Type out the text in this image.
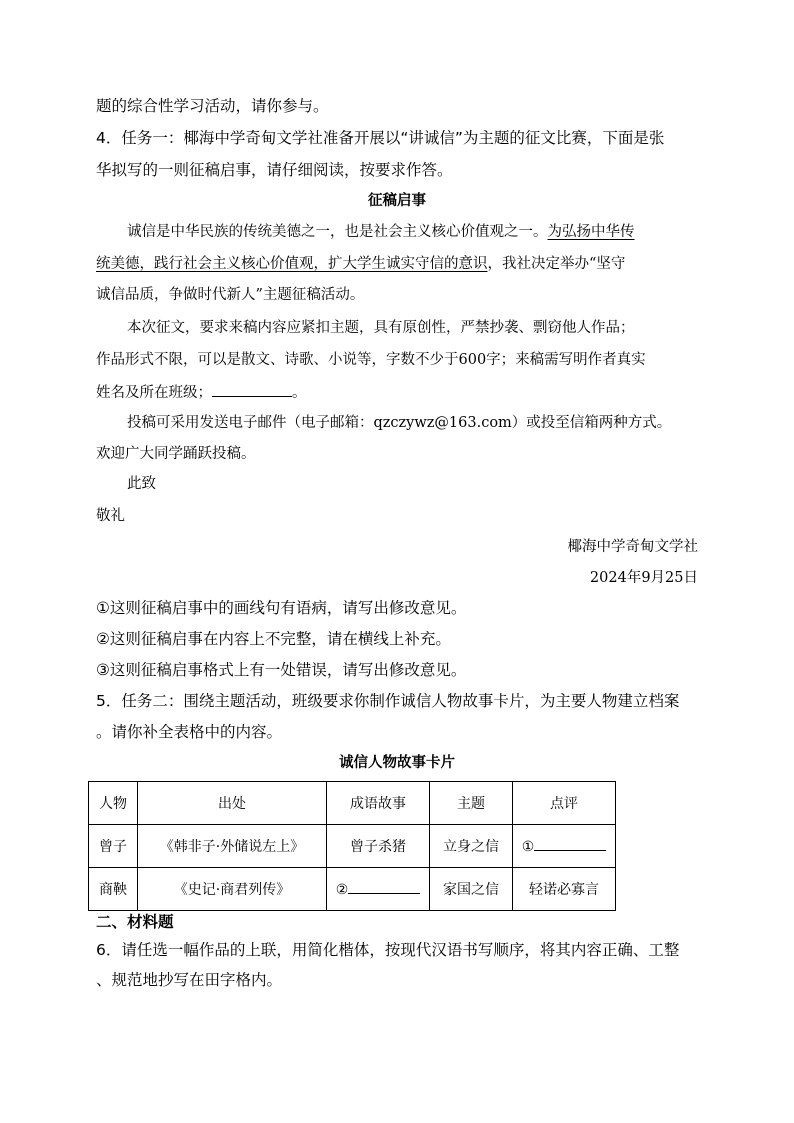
题的综合性学习活动，请你参与。
4．任务一：椰海中学奇甸文学社准备开展以“讲诚信”为主题的征文比赛，下面是张
华拟写的一则征稿启事，请仔细阅读，按要求作答。
征稿启事
诚信是中华民族的传统美德之一，也是社会主义核心价值观之一。为弘扬中华传
统美德，践行社会主义核心价值观，扩大学生诚实守信的意识，我社决定举办“坚守
诚信品质，争做时代新人”主题征稿活动。
本次征文，要求来稿内容应紧扣主题，具有原创性，严禁抄袭、剽窃他人作品；
作品形式不限，可以是散文、诗歌、小说等，字数不少于600字；来稿需写明作者真实
姓名及所在班级；	。
投稿可采用发送电子邮件（电子邮箱：qzczywz@163.com）或投至信箱两种方式。
欢迎广大同学踊跃投稿。
此致
敬礼
椰海中学奇甸文学社
2024年9月25日
①这则征稿启事中的画线句有语病，请写出修改意见。
②这则征稿启事在内容上不完整，请在横线上补充。
③这则征稿启事格式上有一处错误，请写出修改意见。
5．任务二：围绕主题活动，班级要求你制作诚信人物故事卡片，为主要人物建立档案
。请你补全表格中的内容。
诚信人物故事卡片
人物	出处	成语故事	主题	点评
曾子	《韩非子·外储说左上》	曾子杀猪	立身之信	①
商鞅	《史记·商君列传》	②	家国之信	轻诺必寡言
二、材料题
6．请任选一幅作品的上联，用简化楷体，按现代汉语书写顺序，将其内容正确、工整
、规范地抄写在田字格内。
